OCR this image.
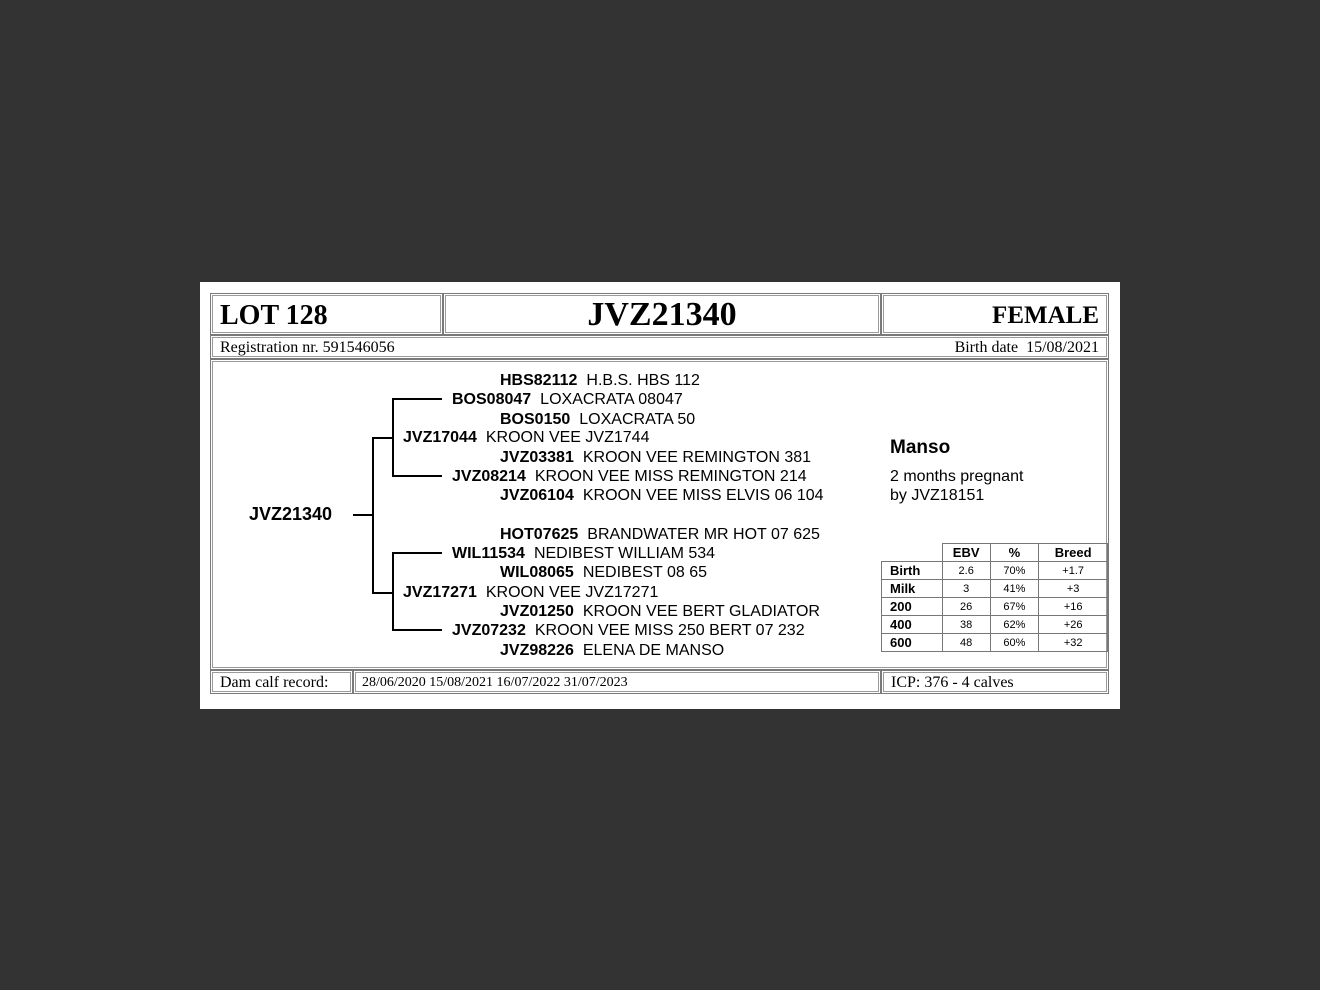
LOT 128	JVZ21340	FEMALE
Registration nr. 591546056	Birth date 15/08/2021
JVZ21340
HBS82112 H.B.S. HBS 112
BOS08047 LOXACRATA 08047
BOS0150 LOXACRATA 50
JVZ17044 KROON VEE JVZ1744
JVZ03381 KROON VEE REMINGTON 381
JVZ08214 KROON VEE MISS REMINGTON 214
JVZ06104 KROON VEE MISS ELVIS 06 104
HOT07625 BRANDWATER MR HOT 07 625
WIL11534 NEDIBEST WILLIAM 534
WIL08065 NEDIBEST 08 65
JVZ17271 KROON VEE JVZ17271
JVZ01250 KROON VEE BERT GLADIATOR
JVZ07232 KROON VEE MISS 250 BERT 07 232
JVZ98226 ELENA DE MANSO
Manso
2 months pregnant
by JVZ18151
	EBV	%	Breed
Birth	2.6	70%	+1.7
Milk	3	41%	+3
200	26	67%	+16
400	38	62%	+26
600	48	60%	+32
Dam calf record: 28/06/2020 15/08/2021 16/07/2022 31/07/2023	ICP: 376 - 4 calves
